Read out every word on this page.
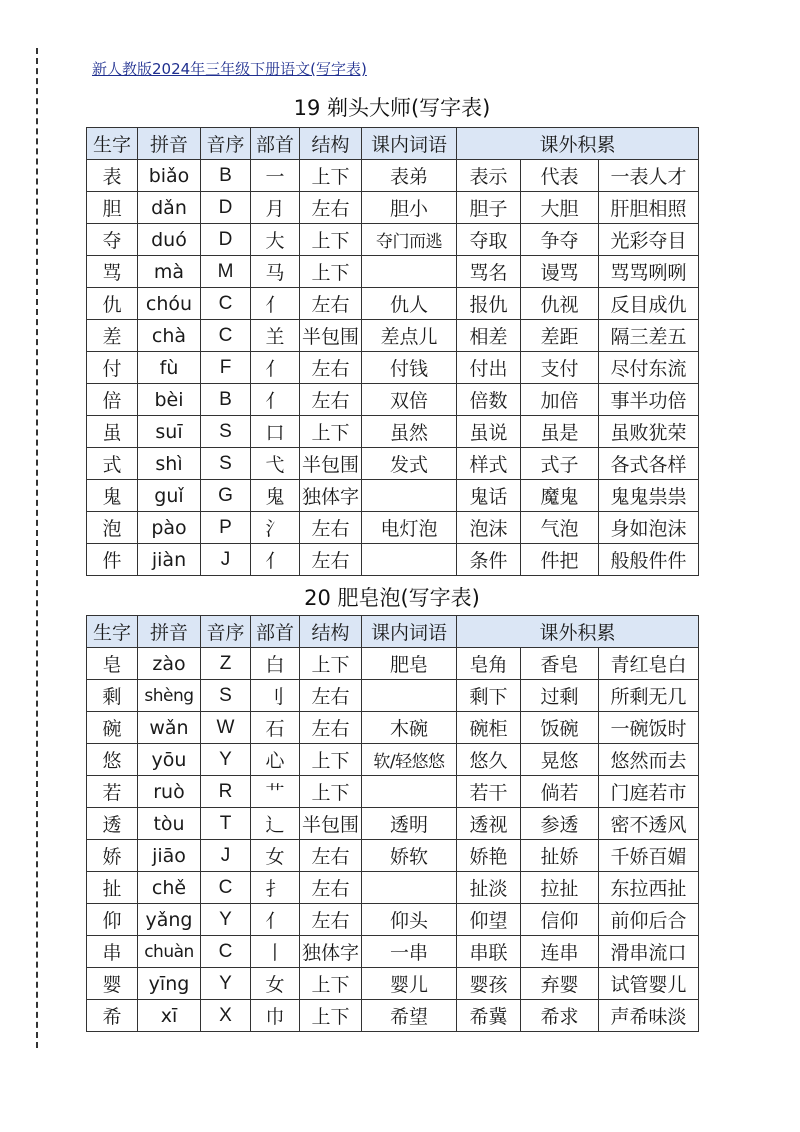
新人教版2024年三年级下册语文(写字表)
19 剃头大师(写字表)
生字	拼音	音序	部首	结构	课内词语	课外积累		
表	biǎo	B	一	上下	表弟	表示	代表	一表人才
胆	dǎn	D	月	左右	胆小	胆子	大胆	肝胆相照
夺	duó	D	大	上下	夺门而逃	夺取	争夺	光彩夺目
骂	mà	M	马	上下		骂名	谩骂	骂骂咧咧
仇	chóu	C	亻	左右	仇人	报仇	仇视	反目成仇
差	chà	C	𦍌	半包围	差点儿	相差	差距	隔三差五
付	fù	F	亻	左右	付钱	付出	支付	尽付东流
倍	bèi	B	亻	左右	双倍	倍数	加倍	事半功倍
虽	suī	S	口	上下	虽然	虽说	虽是	虽败犹荣
式	shì	S	弋	半包围	发式	样式	式子	各式各样
鬼	guǐ	G	鬼	独体字		鬼话	魔鬼	鬼鬼祟祟
泡	pào	P	氵	左右	电灯泡	泡沫	气泡	身如泡沫
件	jiàn	J	亻	左右		条件	件把	般般件件
20 肥皂泡(写字表)
生字	拼音	音序	部首	结构	课内词语	课外积累		
皂	zào	Z	白	上下	肥皂	皂角	香皂	青红皂白
剩	shèng	S	刂	左右		剩下	过剩	所剩无几
碗	wǎn	W	石	左右	木碗	碗柜	饭碗	一碗饭时
悠	yōu	Y	心	上下	软/轻悠悠	悠久	晃悠	悠然而去
若	ruò	R	艹	上下		若干	倘若	门庭若市
透	tòu	T	辶	半包围	透明	透视	参透	密不透风
娇	jiāo	J	女	左右	娇软	娇艳	扯娇	千娇百媚
扯	chě	C	扌	左右		扯淡	拉扯	东拉西扯
仰	yǎng	Y	亻	左右	仰头	仰望	信仰	前仰后合
串	chuàn	C	丨	独体字	一串	串联	连串	滑串流口
婴	yīng	Y	女	上下	婴儿	婴孩	弃婴	试管婴儿
希	xī	X	巾	上下	希望	希冀	希求	声希味淡
